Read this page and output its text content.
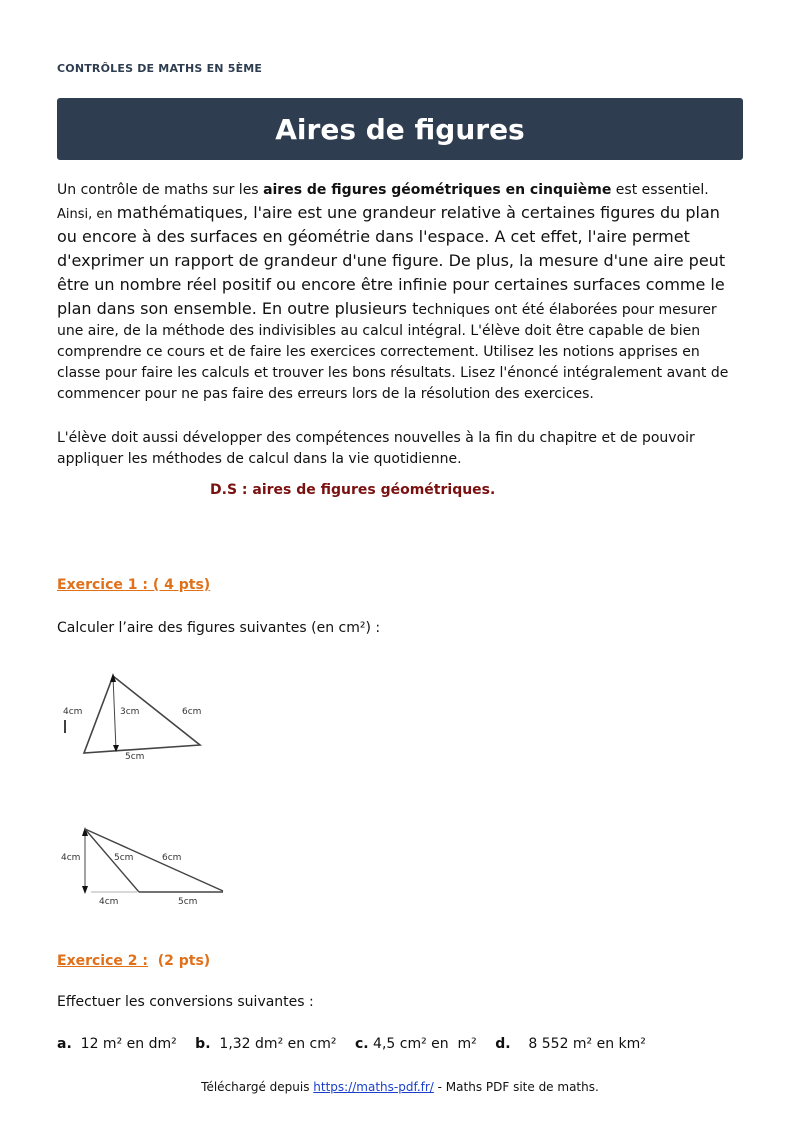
CONTRÔLES DE MATHS EN 5ÈME
Aires de figures
Un contrôle de maths sur les aires de figures géométriques en cinquième est essentiel.
Ainsi, en mathématiques, l'aire est une grandeur relative à certaines figures du plan ou encore à des surfaces en géométrie dans l'espace. A cet effet, l'aire permet d'exprimer un rapport de grandeur d'une figure. De plus, la mesure d'une aire peut être un nombre réel positif ou encore être infinie pour certaines surfaces comme le plan dans son ensemble. En outre plusieurs techniques ont été élaborées pour mesurer une aire, de la méthode des indivisibles au calcul intégral. L'élève doit être capable de bien comprendre ce cours et de faire les exercices correctement. Utilisez les notions apprises en classe pour faire les calculs et trouver les bons résultats. Lisez l'énoncé intégralement avant de commencer pour ne pas faire des erreurs lors de la résolution des exercices.
L'élève doit aussi développer des compétences nouvelles à la fin du chapitre et de pouvoir appliquer les méthodes de calcul dans la vie quotidienne.
D.S : aires de figures géométriques.
Exercice 1 : ( 4 pts)
Calculer l’aire des figures suivantes (en cm²) :
4cm	3cm	6cm
5cm
4cm	5cm	6cm
4cm	5cm
Exercice 2 :  (2 pts)
Effectuer les conversions suivantes :
a.  12 m² en dm² b.  1,32 dm² en cm² c. 4,5 cm² en  m² d.    8 552 m² en km²
Téléchargé depuis https://maths-pdf.fr/ - Maths PDF site de maths.
